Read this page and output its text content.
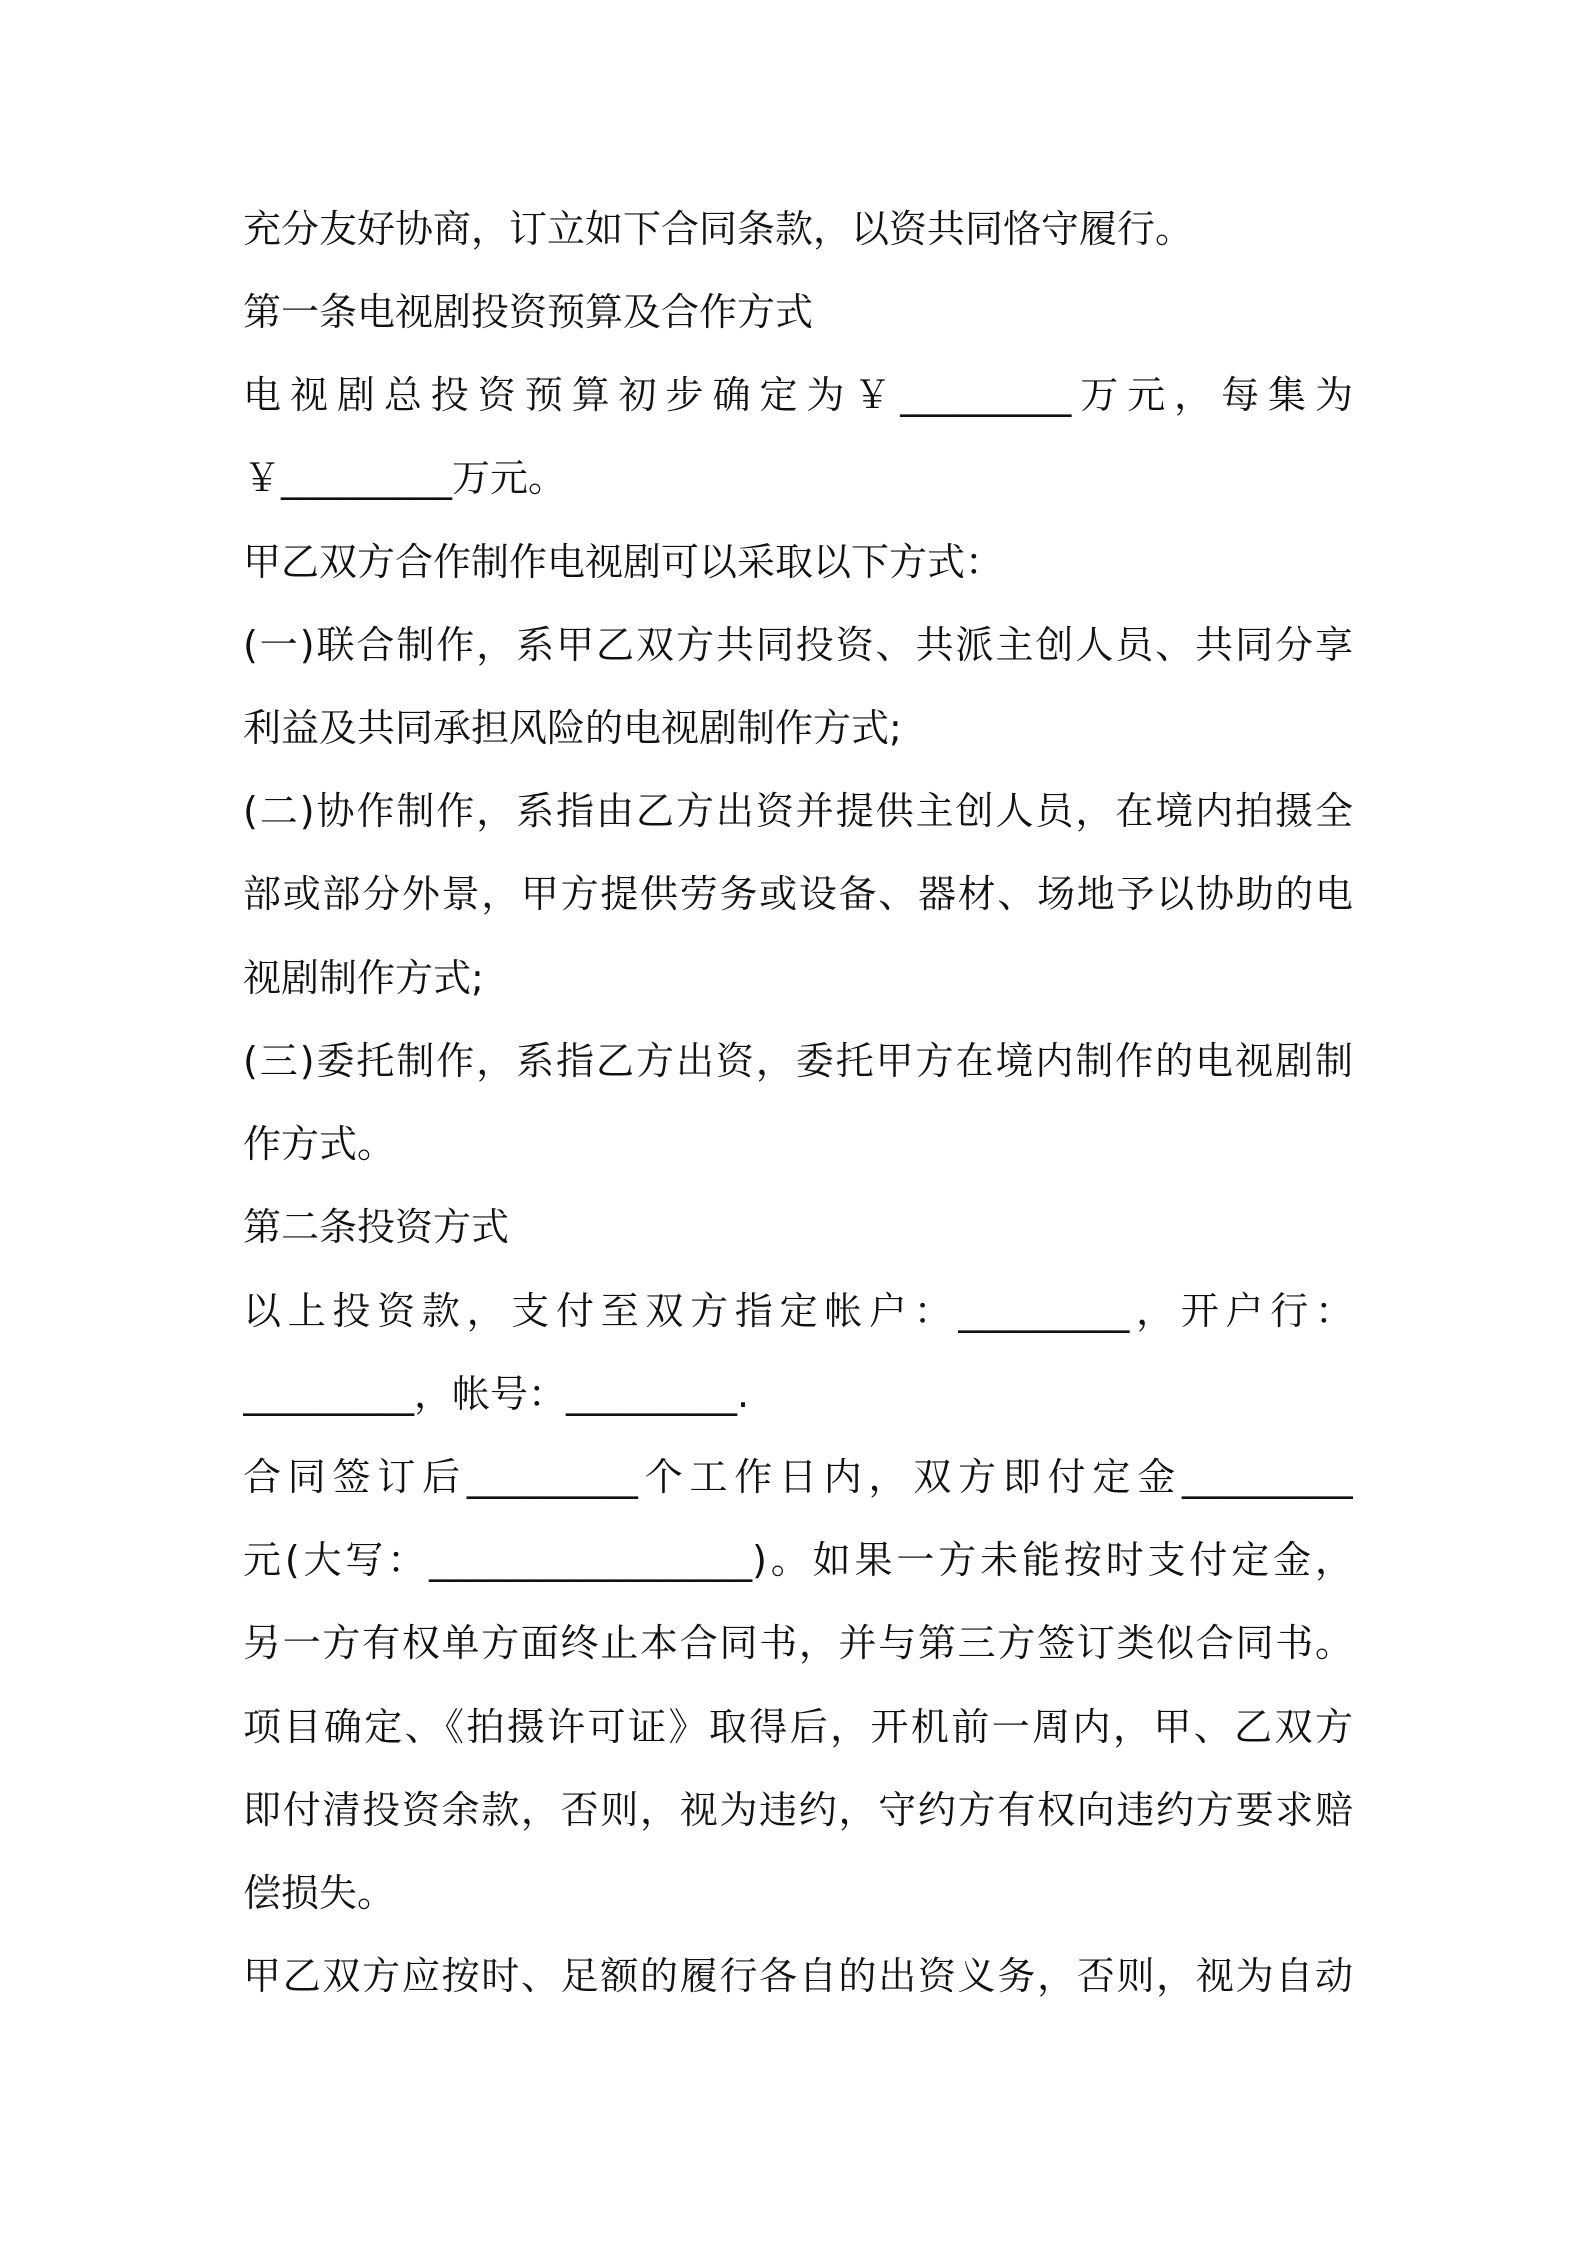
充分友好协商，订立如下合同条款，以资共同恪守履行。
第一条电视剧投资预算及合作方式
电视剧总投资预算初步确定为￥_________万元，每集为
￥_________万元。
甲乙双方合作制作电视剧可以采取以下方式：
(一)联合制作，系甲乙双方共同投资、共派主创人员、共同分享
利益及共同承担风险的电视剧制作方式;
(二)协作制作，系指由乙方出资并提供主创人员，在境内拍摄全
部或部分外景，甲方提供劳务或设备、器材、场地予以协助的电
视剧制作方式;
(三)委托制作，系指乙方出资，委托甲方在境内制作的电视剧制
作方式。
第二条投资方式
以上投资款，支付至双方指定帐户：_________，开户行：
_________，帐号：_________.
合同签订后_________个工作日内，双方即付定金_________
元(大写：_________________)。如果一方未能按时支付定金，
另一方有权单方面终止本合同书，并与第三方签订类似合同书。
项目确定、《拍摄许可证》取得后，开机前一周内，甲、乙双方
即付清投资余款，否则，视为违约，守约方有权向违约方要求赔
偿损失。
甲乙双方应按时、足额的履行各自的出资义务，否则，视为自动
